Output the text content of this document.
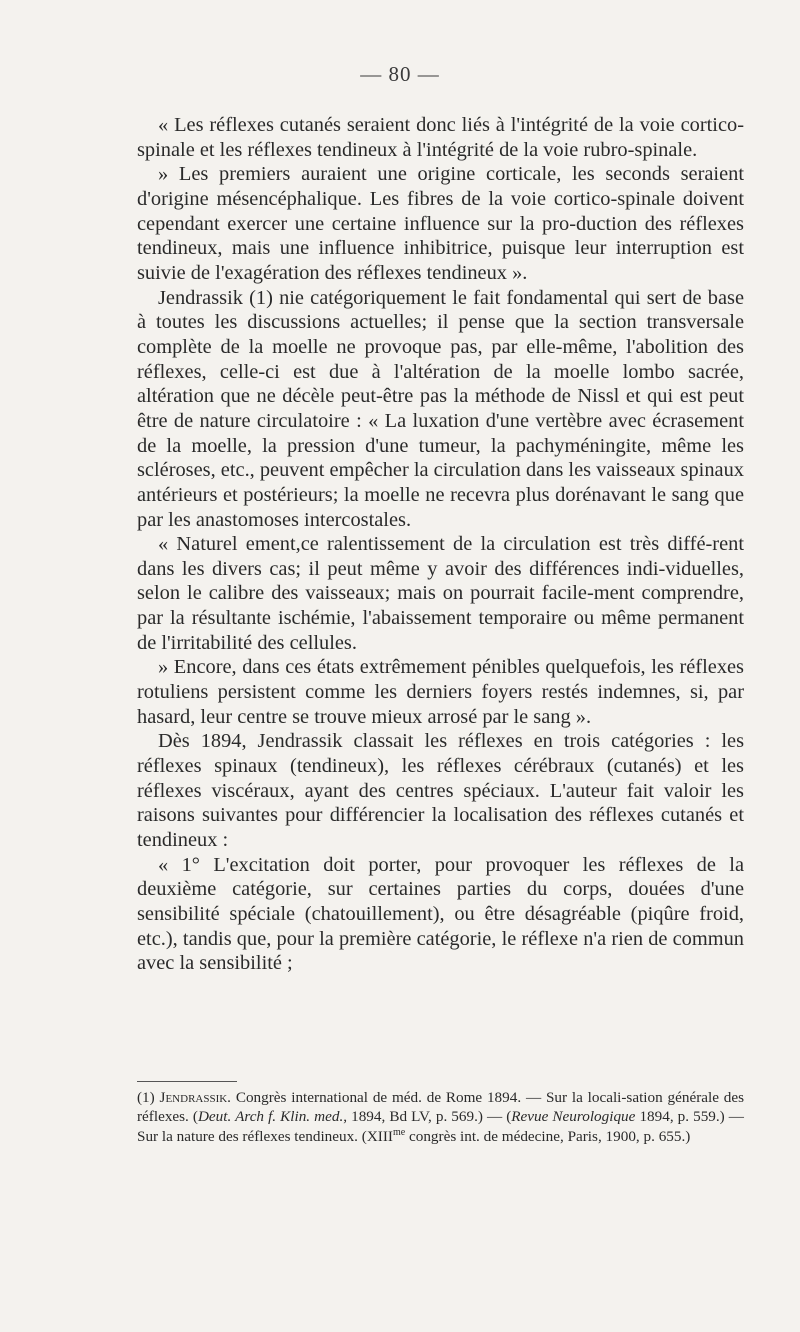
— 80 —

« Les réflexes cutanés seraient donc liés à l'intégrité de la voie cortico-spinale et les réflexes tendineux à l'intégrité de la voie rubro-spinale.

» Les premiers auraient une origine corticale, les seconds seraient d'origine mésencéphalique. Les fibres de la voie cortico-spinale doivent cependant exercer une certaine influence sur la pro-duction des réflexes tendineux, mais une influence inhibitrice, puisque leur interruption est suivie de l'exagération des réflexes tendineux ».

Jendrassik (1) nie catégoriquement le fait fondamental qui sert de base à toutes les discussions actuelles; il pense que la section transversale complète de la moelle ne provoque pas, par elle-même, l'abolition des réflexes, celle-ci est due à l'altération de la moelle lombo sacrée, altération que ne décèle peut-être pas la méthode de Nissl et qui est peut être de nature circulatoire : « La luxation d'une vertèbre avec écrasement de la moelle, la pression d'une tumeur, la pachyméningite, même les scléroses, etc., peuvent empêcher la circulation dans les vaisseaux spinaux antérieurs et postérieurs; la moelle ne recevra plus dorénavant le sang que par les anastomoses intercostales.

« Naturel ement,ce ralentissement de la circulation est très diffé-rent dans les divers cas; il peut même y avoir des différences indi-viduelles, selon le calibre des vaisseaux; mais on pourrait facile-ment comprendre, par la résultante ischémie, l'abaissement temporaire ou même permanent de l'irritabilité des cellules.

» Encore, dans ces états extrêmement pénibles quelquefois, les réflexes rotuliens persistent comme les derniers foyers restés indemnes, si, par hasard, leur centre se trouve mieux arrosé par le sang ».

Dès 1894, Jendrassik classait les réflexes en trois catégories : les réflexes spinaux (tendineux), les réflexes cérébraux (cutanés) et les réflexes viscéraux, ayant des centres spéciaux. L'auteur fait valoir les raisons suivantes pour différencier la localisation des réflexes cutanés et tendineux :

« 1° L'excitation doit porter, pour provoquer les réflexes de la deuxième catégorie, sur certaines parties du corps, douées d'une sensibilité spéciale (chatouillement), ou être désagréable (piqûre froid, etc.), tandis que, pour la première catégorie, le réflexe n'a rien de commun avec la sensibilité ;

(1) Jendrassik. Congrès international de méd. de Rome 1894. — Sur la locali-sation générale des réflexes. (Deut. Arch f. Klin. med., 1894, Bd LV, p. 569.) — (Revue Neurologique 1894, p. 559.) — Sur la nature des réflexes tendineux. ($XIII^{me}$ congrès int. de médecine, Paris, 1900, p. 655.)
